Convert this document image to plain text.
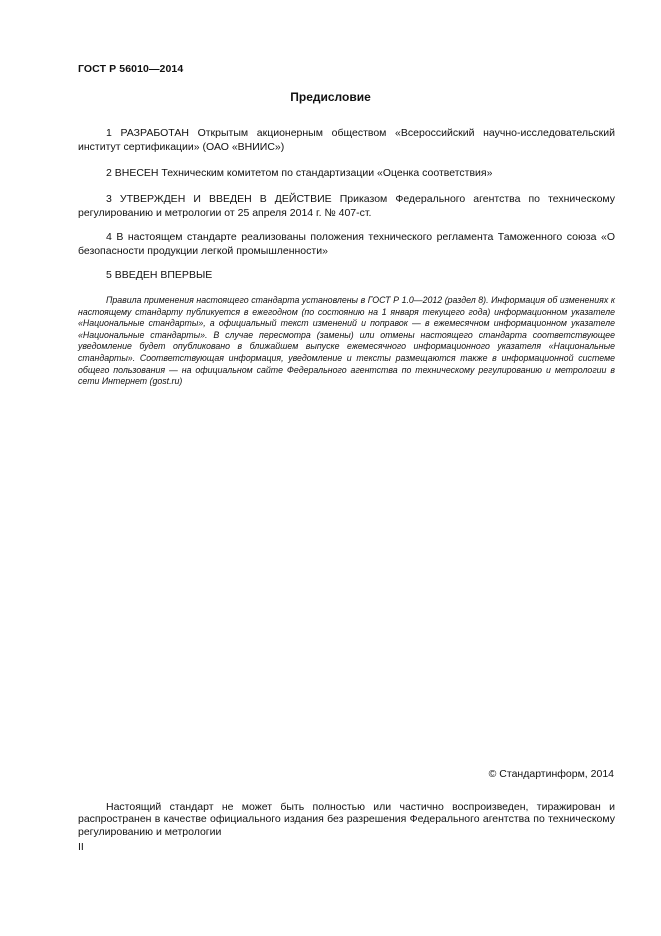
ГОСТ Р 56010—2014
Предисловие

1 РАЗРАБОТАН Открытым акционерным обществом «Всероссийский научно-исследовательский институт сертификации» (ОАО «ВНИИС»)

2 ВНЕСЕН Техническим комитетом по стандартизации «Оценка соответствия»

3 УТВЕРЖДЕН И ВВЕДЕН В ДЕЙСТВИЕ Приказом Федерального агентства по техническому регулированию и метрологии от 25 апреля 2014 г. № 407-ст.

4 В настоящем стандарте реализованы положения технического регламента Таможенного союза «О безопасности продукции легкой промышленности»

5 ВВЕДЕН ВПЕРВЫЕ

Правила применения настоящего стандарта установлены в ГОСТ Р 1.0—2012 (раздел 8). Информация об изменениях к настоящему стандарту публикуется в ежегодном (по состоянию на 1 января текущего года) информационном указателе «Национальные стандарты», а официальный текст изменений и поправок — в ежемесячном информационном указателе «Национальные стандарты». В случае пересмотра (замены) или отмены настоящего стандарта соответствующее уведомление будет опубликовано в ближайшем выпуске ежемесячного информационного указателя «Национальные стандарты». Соответствующая информация, уведомление и тексты размещаются также в информационной системе общего пользования — на официальном сайте Федерального агентства по техническому регулированию и метрологии в сети Интернет (gost.ru)

© Стандартинформ, 2014

Настоящий стандарт не может быть полностью или частично воспроизведен, тиражирован и распространен в качестве официального издания без разрешения Федерального агентства по техническому регулированию и метрологии

II
